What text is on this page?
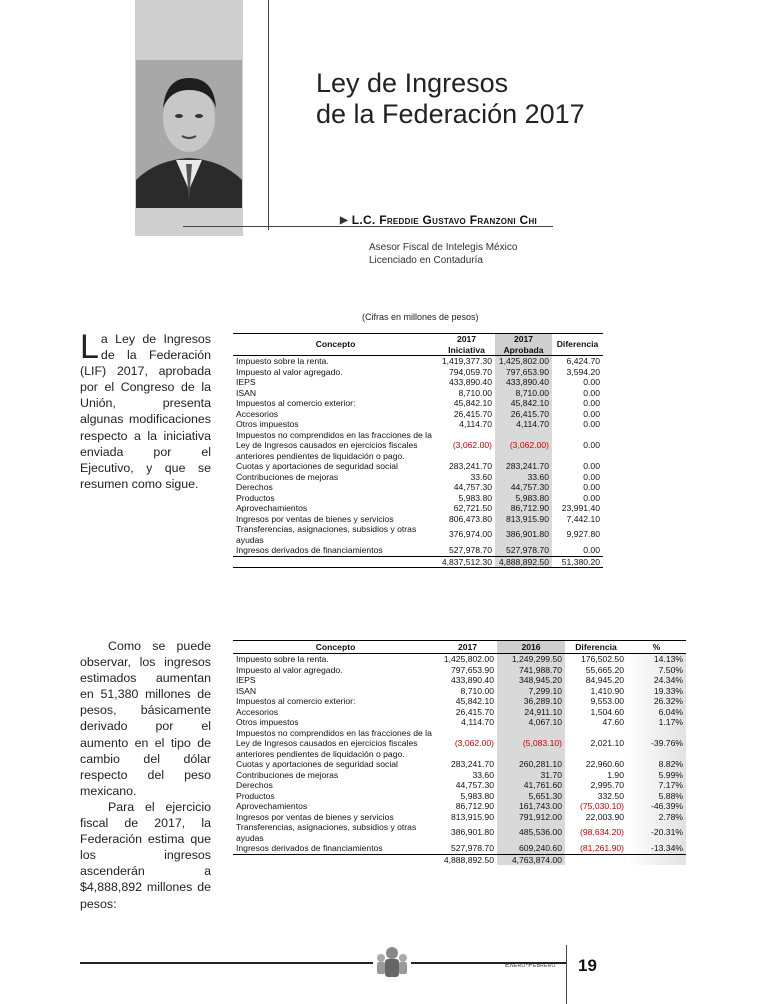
Ley de Ingresos
de la Federación 2017
▶ L.C. Freddie Gustavo Franzoni Chi
Asesor Fiscal de Intelegis México
Licenciado en Contaduría
(Cifras en millones de pesos)

La Ley de Ingresos de la Federación (LIF) 2017, aprobada por el Congreso de la Unión, presenta algunas modificaciones respecto a la iniciativa enviada por el Ejecutivo, y que se resumen como sigue.

Como se puede observar, los ingresos estimados aumentan en 51,380 millones de pesos, básicamente derivado por el aumento en el tipo de cambio del dólar respecto del peso mexicano.

Para el ejercicio fiscal de 2017, la Federación estima que los ingresos ascenderán a $4,888,892 millones de pesos:

Concepto	2017 Iniciativa	2017 Aprobada	Diferencia
Impuesto sobre la renta.	1,419,377.30	1,425,802.00	6,424.70
Impuesto al valor agregado.	794,059.70	797,653.90	3,594.20
IEPS	433,890.40	433,890.40	0.00
ISAN	8,710.00	8,710.00	0.00
Impuestos al comercio exterior:	45,842.10	45,842.10	0.00
Accesorios	26,415.70	26,415.70	0.00
Otros impuestos	4,114.70	4,114.70	0.00
Impuestos no comprendidos en las fracciones de la Ley de Ingresos causados en ejercicios fiscales anteriores pendientes de liquidación o pago.	(3,062.00)	(3,062.00)	0.00
Cuotas y aportaciones de seguridad social	283,241.70	283,241.70	0.00
Contribuciones de mejoras	33.60	33.60	0.00
Derechos	44,757.30	44,757.30	0.00
Productos	5,983.80	5,983.80	0.00
Aprovechamientos	62,721.50	86,712.90	23,991.40
Ingresos por ventas de bienes y servicios	806,473.80	813,915.90	7,442.10
Transferencias, asignaciones, subsidios y otras ayudas	376,974.00	386,901.80	9,927.80
Ingresos derivados de financiamientos	527,978.70	527,978.70	0.00
	4,837,512.30	4,888,892.50	51,380.20
Concepto	2017	2016	Diferencia	%
Impuesto sobre la renta.	1,425,802.00	1,249,299.50	176,502.50	14.13%
Impuesto al valor agregado.	797,653.90	741,988.70	55,665.20	7.50%
IEPS	433,890.40	348,945.20	84,945.20	24.34%
ISAN	8,710.00	7,299.10	1,410.90	19.33%
Impuestos al comercio exterior:	45,842.10	36,289.10	9,553.00	26.32%
Accesorios	26,415.70	24,911.10	1,504.60	6.04%
Otros impuestos	4,114.70	4,067.10	47.60	1.17%
Impuestos no comprendidos en las fracciones de la Ley de Ingresos causados en ejercicios fiscales anteriores pendientes de liquidación o pago.	(3,062.00)	(5,083.10)	2,021.10	-39.76%
Cuotas y aportaciones de seguridad social	283,241.70	260,281.10	22,960.60	8.82%
Contribuciones de mejoras	33.60	31.70	1.90	5.99%
Derechos	44,757.30	41,761.60	2,995.70	7.17%
Productos	5,983.80	5,651.30	332.50	5.88%
Aprovechamientos	86,712.90	161,743.00	(75,030.10)	-46.39%
Ingresos por ventas de bienes y servicios	813,915.90	791,912.00	22,003.90	2.78%
Transferencias, asignaciones, subsidios y otras ayudas	386,901.80	485,536.00	(98,634.20)	-20.31%
Ingresos derivados de financiamientos	527,978.70	609,240.60	(81,261.90)	-13.34%
	4,888,892.50	4,763,874.00		
Enero-Febrero 19
